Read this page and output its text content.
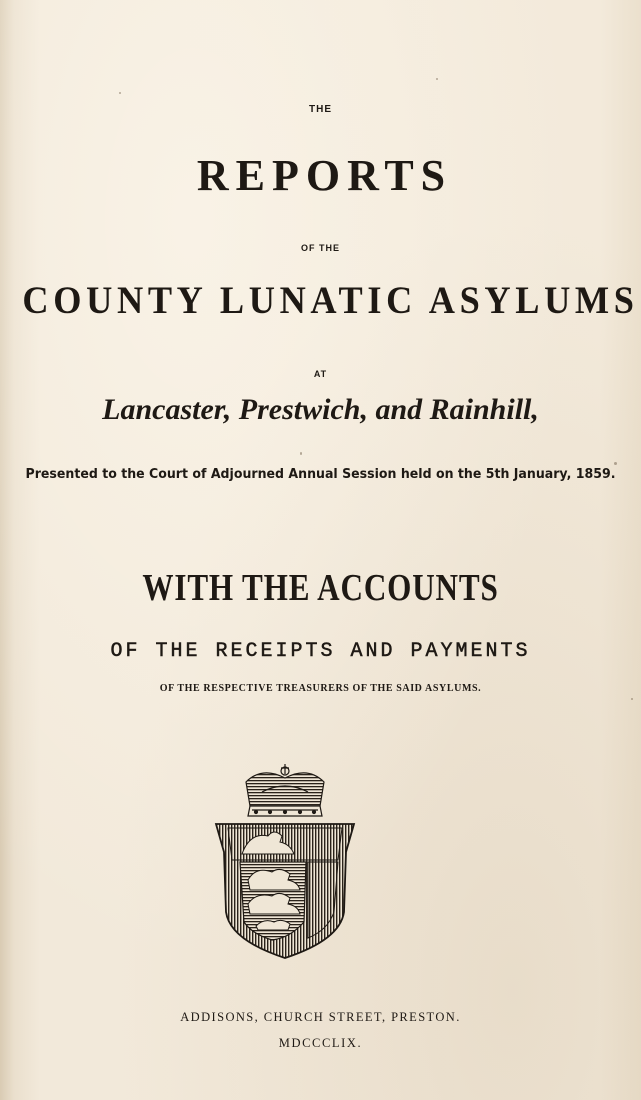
THE
REPORTS
OF THE
COUNTY LUNATIC ASYLUMS
AT
Lancaster, Prestwich, and Rainhill,
Presented to the Court of Adjourned Annual Session held on the 5th January, 1859.
WITH THE ACCOUNTS
OF THE RECEIPTS AND PAYMENTS
OF THE RESPECTIVE TREASURERS OF THE SAID ASYLUMS.
ADDISONS, CHURCH STREET, PRESTON.
MDCCCLIX.
